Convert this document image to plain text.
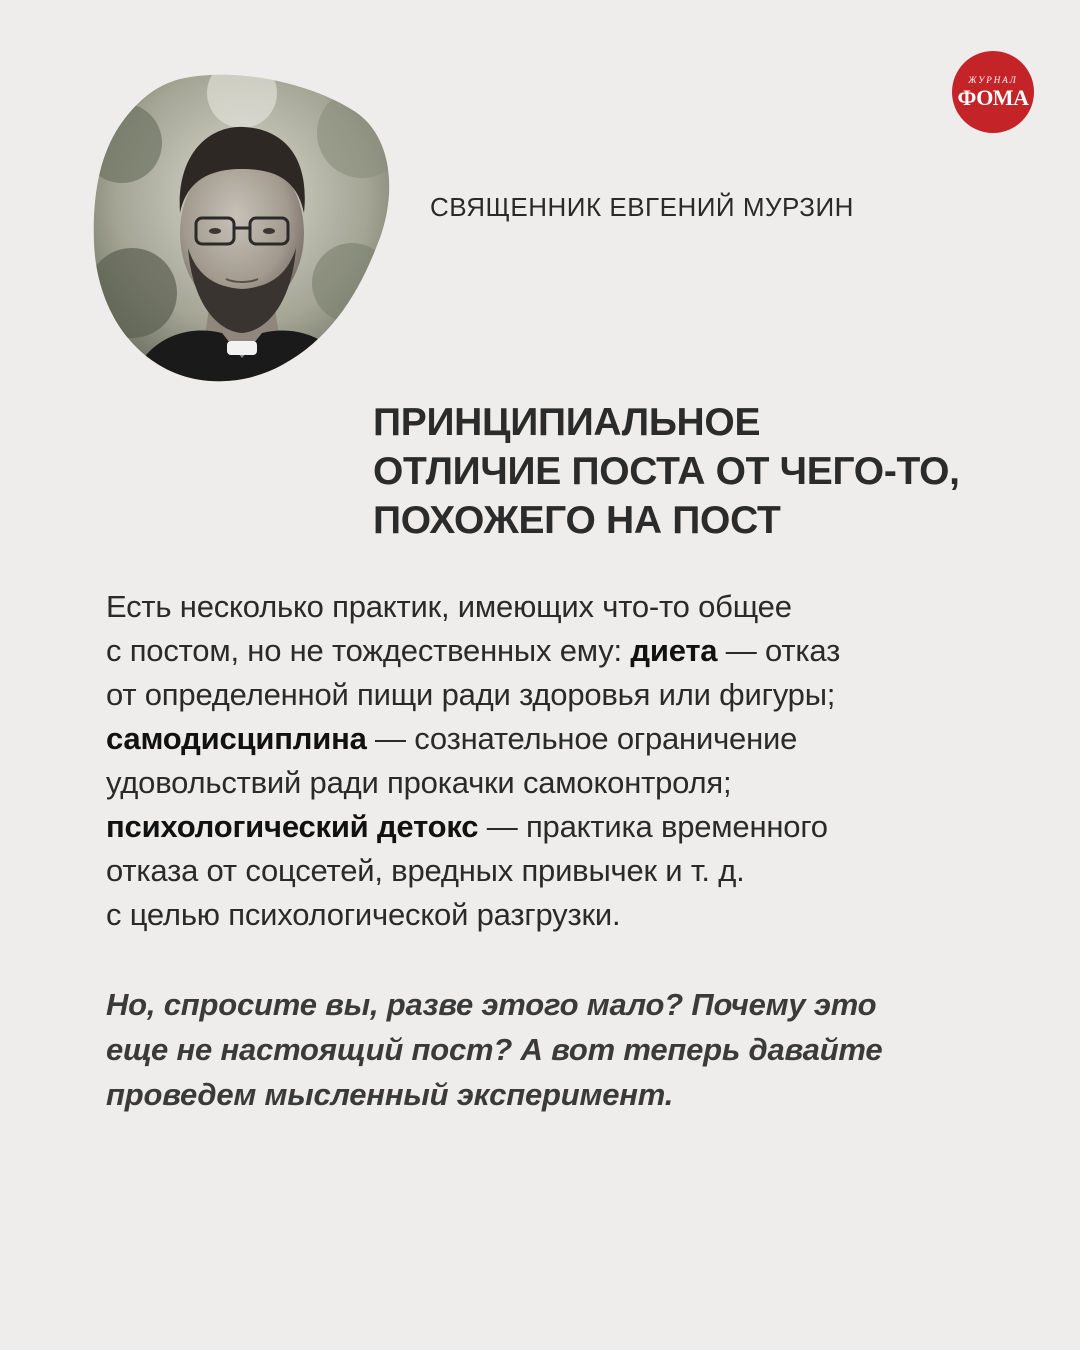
ЖУРНАЛ
ФОМА
СВЯЩЕННИК ЕВГЕНИЙ МУРЗИН
ПРИНЦИПИАЛЬНОЕ
ОТЛИЧИЕ ПОСТА ОТ ЧЕГО-ТО,
ПОХОЖЕГО НА ПОСТ
Есть несколько практик, имеющих что-то общее
с постом, но не тождественных ему: диета — отказ
от определенной пищи ради здоровья или фигуры;
самодисциплина — сознательное ограничение
удовольствий ради прокачки самоконтроля;
психологический детокс — практика временного
отказа от соцсетей, вредных привычек и т. д.
с целью психологической разгрузки.
Но, спросите вы, разве этого мало? Почему это
еще не настоящий пост? А вот теперь давайте
проведем мысленный эксперимент.
